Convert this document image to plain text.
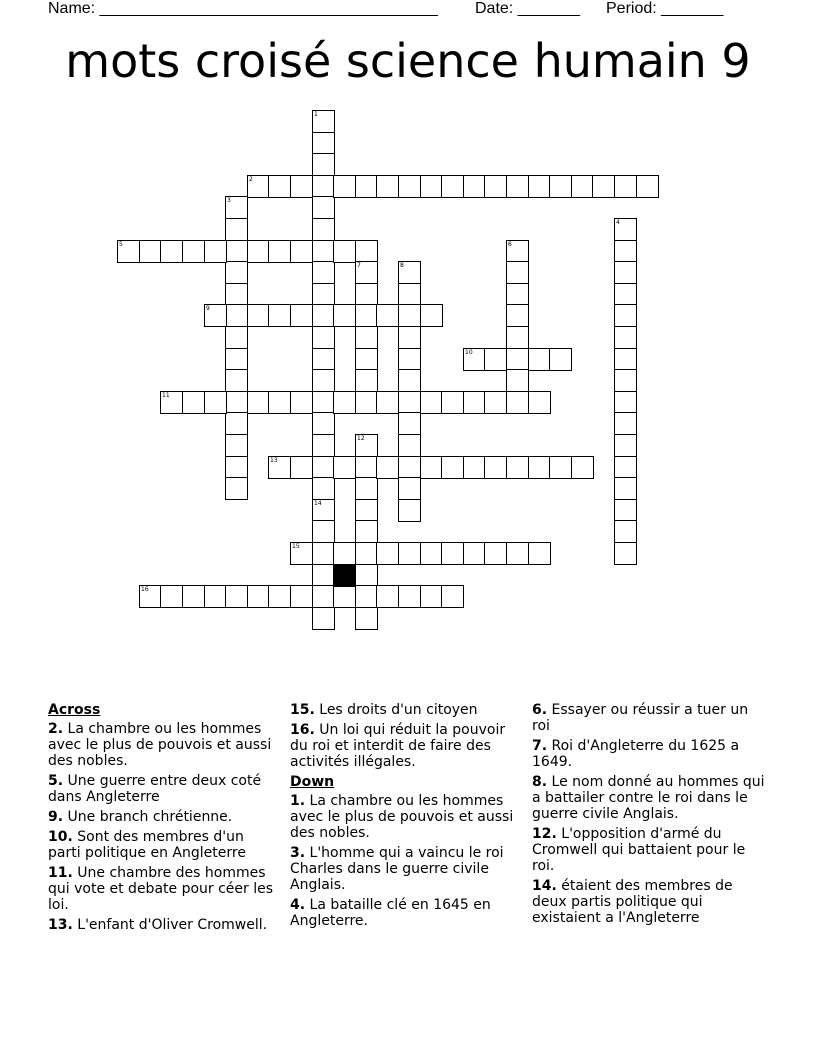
Name: ______________________________________ Date: _______ Period: _______
mots croisé science humain 9
1
2
3
4
5	6
7	8
9
10
11
12
13
14
15
16
Across
2. La chambre ou les hommes avec le plus de pouvois et aussi des nobles.
5. Une guerre entre deux coté dans Angleterre
9. Une branch chrétienne.
10. Sont des membres d'un parti politique en Angleterre
11. Une chambre des hommes qui vote et debate pour céer les loi.
13. L'enfant d'Oliver Cromwell.
15. Les droits d'un citoyen
16. Un loi qui réduit la pouvoir du roi et interdit de faire des activités illégales.
Down
1. La chambre ou les hommes avec le plus de pouvois et aussi des nobles.
3. L'homme qui a vaincu le roi Charles dans le guerre civile Anglais.
4. La bataille clé en 1645 en Angleterre.
6. Essayer ou réussir a tuer un roi
7. Roi d'Angleterre du 1625 a 1649.
8. Le nom donné au hommes qui a battailer contre le roi dans le guerre civile Anglais.
12. L'opposition d'armé du Cromwell qui battaient pour le roi.
14. étaient des membres de deux partis politique qui existaient a l'Angleterre
